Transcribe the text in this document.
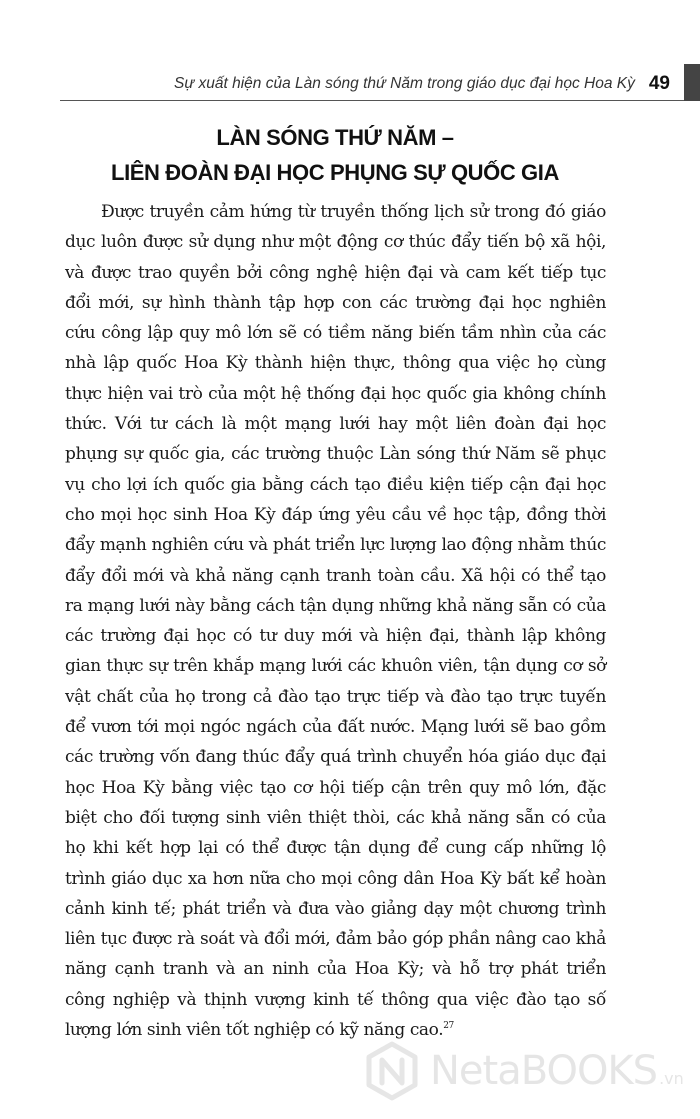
Sự xuất hiện của Làn sóng thứ Năm trong giáo dục đại học Hoa Kỳ 49
LÀN SÓNG THỨ NĂM –
LIÊN ĐOÀN ĐẠI HỌC PHỤNG SỰ QUỐC GIA

Được truyền cảm hứng từ truyền thống lịch sử trong đó giáo dục luôn được sử dụng như một động cơ thúc đẩy tiến bộ xã hội, và được trao quyền bởi công nghệ hiện đại và cam kết tiếp tục đổi mới, sự hình thành tập hợp con các trường đại học nghiên cứu công lập quy mô lớn sẽ có tiềm năng biến tầm nhìn của các nhà lập quốc Hoa Kỳ thành hiện thực, thông qua việc họ cùng thực hiện vai trò của một hệ thống đại học quốc gia không chính thức. Với tư cách là một mạng lưới hay một liên đoàn đại học phụng sự quốc gia, các trường thuộc Làn sóng thứ Năm sẽ phục vụ cho lợi ích quốc gia bằng cách tạo điều kiện tiếp cận đại học cho mọi học sinh Hoa Kỳ đáp ứng yêu cầu về học tập, đồng thời đẩy mạnh nghiên cứu và phát triển lực lượng lao động nhằm thúc đẩy đổi mới và khả năng cạnh tranh toàn cầu. Xã hội có thể tạo ra mạng lưới này bằng cách tận dụng những khả năng sẵn có của các trường đại học có tư duy mới và hiện đại, thành lập không gian thực sự trên khắp mạng lưới các khuôn viên, tận dụng cơ sở vật chất của họ trong cả đào tạo trực tiếp và đào tạo trực tuyến để vươn tới mọi ngóc ngách của đất nước. Mạng lưới sẽ bao gồm các trường vốn đang thúc đẩy quá trình chuyển hóa giáo dục đại học Hoa Kỳ bằng việc tạo cơ hội tiếp cận trên quy mô lớn, đặc biệt cho đối tượng sinh viên thiệt thòi, các khả năng sẵn có của họ khi kết hợp lại có thể được tận dụng để cung cấp những lộ trình giáo dục xa hơn nữa cho mọi công dân Hoa Kỳ bất kể hoàn cảnh kinh tế; phát triển và đưa vào giảng dạy một chương trình liên tục được rà soát và đổi mới, đảm bảo góp phần nâng cao khả năng cạnh tranh và an ninh của Hoa Kỳ; và hỗ trợ phát triển công nghiệp và thịnh vượng kinh tế thông qua việc đào tạo số lượng lớn sinh viên tốt nghiệp có kỹ năng cao.$^{27}$

NetaBOOKS .vn
